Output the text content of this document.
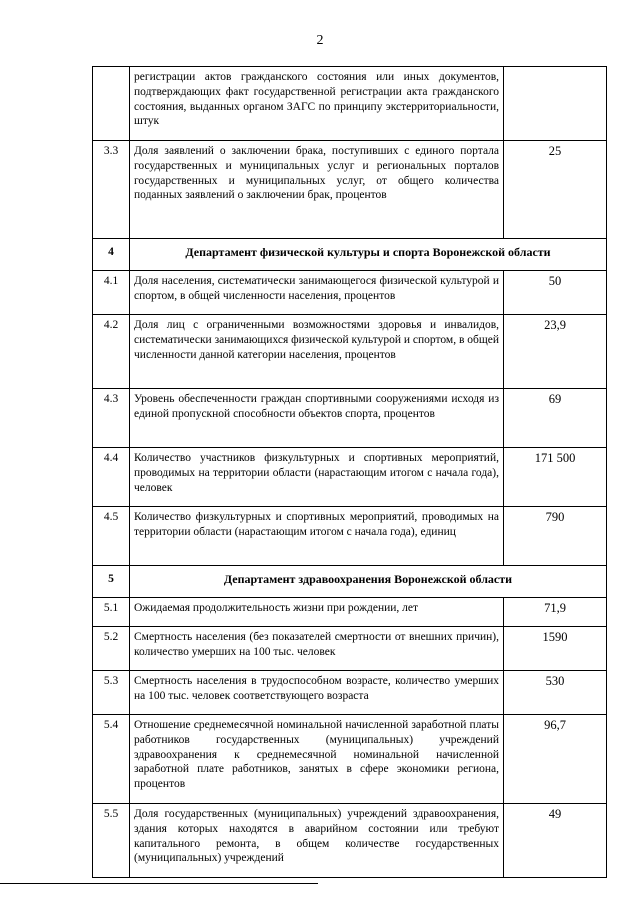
2
	регистрации актов гражданского состояния или иных документов, подтверждающих факт государственной регистрации акта гражданского состояния, выданных органом ЗАГС по принципу экстерриториальности, штук	
3.3	Доля заявлений о заключении брака, поступивших с единого портала государственных и муниципальных услуг и региональных порталов государственных и муниципальных услуг, от общего количества поданных заявлений о заключении брак, процентов	25
4	Департамент физической культуры и спорта Воронежской области	
4.1	Доля населения, систематически занимающегося физической культурой и спортом, в общей численности населения, процентов	50
4.2	Доля лиц с ограниченными возможностями здоровья и инвалидов, систематически занимающихся физической культурой и спортом, в общей численности данной категории населения, процентов	23,9
4.3	Уровень обеспеченности граждан спортивными сооружениями исходя из единой пропускной способности объектов спорта, процентов	69
4.4	Количество участников физкультурных и спортивных мероприятий, проводимых на территории области (нарастающим итогом с начала года), человек	171 500
4.5	Количество физкультурных и спортивных мероприятий, проводимых на территории области (нарастающим итогом с начала года), единиц	790
5	Департамент здравоохранения Воронежской области	
5.1	Ожидаемая продолжительность жизни при рождении, лет	71,9
5.2	Смертность населения (без показателей смертности от внешних причин), количество умерших на 100 тыс. человек	1590
5.3	Смертность населения в трудоспособном возрасте, количество умерших на 100 тыс. человек соответствующего возраста	530
5.4	Отношение среднемесячной номинальной начисленной заработной платы работников государственных (муниципальных) учреждений здравоохранения к среднемесячной номинальной начисленной заработной плате работников, занятых в сфере экономики региона, процентов	96,7
5.5	Доля государственных (муниципальных) учреждений здравоохранения, здания которых находятся в аварийном состоянии или требуют капитального ремонта, в общем количестве государственных (муниципальных) учреждений	49
